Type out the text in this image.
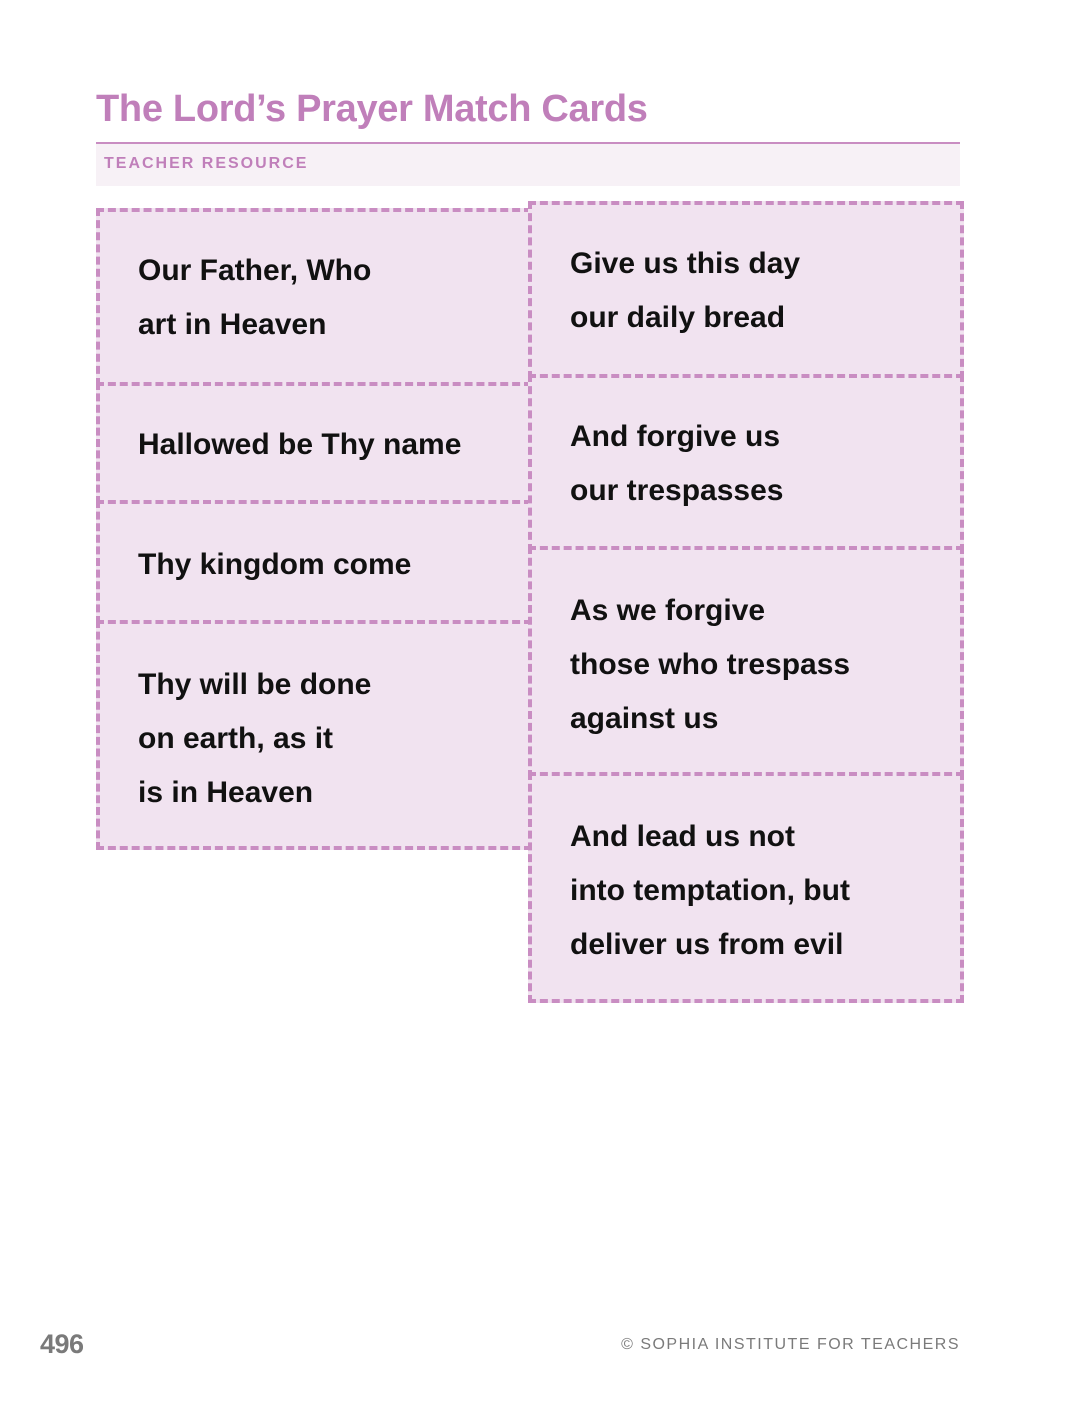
The Lord’s Prayer Match Cards
TEACHER RESOURCE
Our Father, Who
art in Heaven
Hallowed be Thy name
Thy kingdom come
Thy will be done
on earth, as it
is in Heaven
Give us this day
our daily bread
And forgive us
our trespasses
As we forgive
those who trespass
against us
And lead us not
into temptation, but
deliver us from evil
496	© SOPHIA INSTITUTE FOR TEACHERS
